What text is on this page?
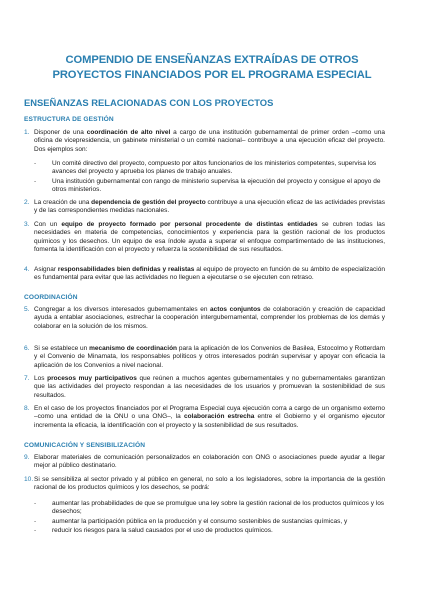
COMPENDIO DE ENSEÑANZAS EXTRAÍDAS DE OTROS
PROYECTOS FINANCIADOS POR EL PROGRAMA ESPECIAL
ENSEÑANZAS RELACIONADAS CON LOS PROYECTOS
ESTRUCTURA DE GESTIÓN
1. Disponer de una coordinación de alto nivel a cargo de una institución gubernamental de primer orden –como una oficina de vicepresidencia, un gabinete ministerial o un comité nacional– contribuye a una ejecución eficaz del proyecto. Dos ejemplos son:

- Un comité directivo del proyecto, compuesto por altos funcionarios de los ministerios competentes, supervisa los avances del proyecto y aprueba los planes de trabajo anuales.
- Una institución gubernamental con rango de ministerio supervisa la ejecución del proyecto y consigue el apoyo de otros ministerios.
2. La creación de una dependencia de gestión del proyecto contribuye a una ejecución eficaz de las actividades previstas y de las correspondientes medidas nacionales.

3. Con un equipo de proyecto formado por personal procedente de distintas entidades se cubren todas las necesidades en materia de competencias, conocimientos y experiencia para la gestión racional de los productos químicos y los desechos. Un equipo de esa índole ayuda a superar el enfoque compartimentado de las instituciones, fomenta la identificación con el proyecto y refuerza la sostenibilidad de sus resultados.

4. Asignar responsabilidades bien definidas y realistas al equipo de proyecto en función de su ámbito de especialización es fundamental para evitar que las actividades no lleguen a ejecutarse o se ejecuten con retraso.

COORDINACIÓN
5. Congregar a los diversos interesados gubernamentales en actos conjuntos de colaboración y creación de capacidad ayuda a entablar asociaciones, estrechar la cooperación intergubernamental, comprender los problemas de los demás y colaborar en la solución de los mismos.

6. Si se establece un mecanismo de coordinación para la aplicación de los Convenios de Basilea, Estocolmo y Rotterdam y el Convenio de Minamata, los responsables políticos y otros interesados podrán supervisar y apoyar con eficacia la aplicación de los Convenios a nivel nacional.

7. Los procesos muy participativos que reúnen a muchos agentes gubernamentales y no gubernamentales garantizan que las actividades del proyecto respondan a las necesidades de los usuarios y promuevan la sostenibilidad de sus resultados.

8. En el caso de los proyectos financiados por el Programa Especial cuya ejecución corra a cargo de un organismo externo –como una entidad de la ONU o una ONG–, la colaboración estrecha entre el Gobierno y el organismo ejecutor incrementa la eficacia, la identificación con el proyecto y la sostenibilidad de sus resultados.

COMUNICACIÓN Y SENSIBILIZACIÓN
9. Elaborar materiales de comunicación personalizados en colaboración con ONG o asociaciones puede ayudar a llegar mejor al público destinatario.

10. Si se sensibiliza al sector privado y al público en general, no solo a los legisladores, sobre la importancia de la gestión racional de los productos químicos y los desechos, se podrá:

- aumentar las probabilidades de que se promulgue una ley sobre la gestión racional de los productos químicos y los desechos;
- aumentar la participación pública en la producción y el consumo sostenibles de sustancias químicas, y
- reducir los riesgos para la salud causados por el uso de productos químicos.
